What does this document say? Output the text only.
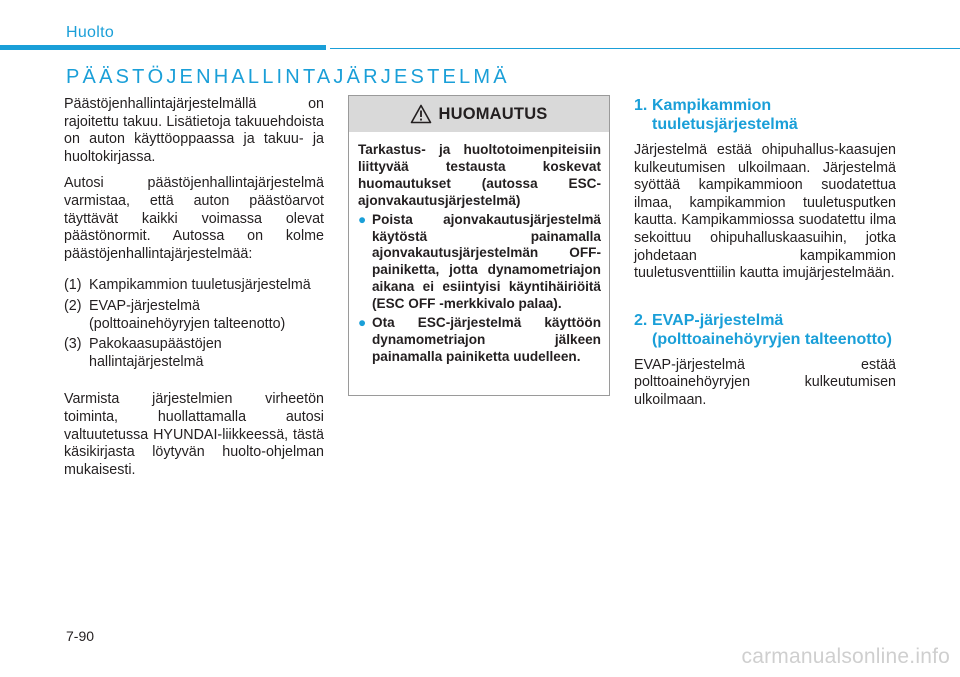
Huolto
PÄÄSTÖJENHALLINTAJÄRJESTELMÄ

Päästöjenhallintajärjestelmällä on rajoitettu takuu. Lisätietoja takuuehdoista on auton käyttöoppaassa ja takuu- ja huoltokirjassa.

Autosi päästöjenhallintajärjestelmä varmistaa, että auton päästöarvot täyttävät kaikki voimassa olevat päästönormit. Autossa on kolme päästöjenhallintajärjestelmää:

(1) Kampikammion tuuletusjärjestelmä
(2) EVAP-järjestelmä (polttoainehöyryjen talteenotto)
(3) Pakokaasupäästöjen hallintajärjestelmä

Varmista järjestelmien virheetön toiminta, huollattamalla autosi valtuutetussa HYUNDAI-liikkeessä, tästä käsikirjasta löytyvän huolto-ohjelman mukaisesti.

HUOMAUTUS

Tarkastus- ja huoltotoimenpiteisiin liittyvää testausta koskevat huomautukset (autossa ESC-ajonvakautusjärjestelmä)

● Poista ajonvakautusjärjestelmä käytöstä painamalla ajonvakautusjärjestelmän OFF-painiketta, jotta dynamometriajon aikana ei esiintyisi käyntihäiriöitä (ESC OFF -merkkivalo palaa).
● Ota ESC-järjestelmä käyttöön dynamometriajon jälkeen painamalla painiketta uudelleen.
1. Kampikammion tuuletusjärjestelmä

Järjestelmä estää ohipuhallus-kaasujen kulkeutumisen ulkoilmaan. Järjestelmä syöttää kampikammioon suodatettua ilmaa, kampikammion tuuletusputken kautta. Kampikammiossa suodatettu ilma sekoittuu ohipuhalluskaasuihin, jotka johdetaan kampikammion tuuletusventtiilin kautta imujärjestelmään.

2. EVAP-järjestelmä (polttoainehöyryjen talteenotto)

EVAP-järjestelmä estää polttoainehöyryjen kulkeutumisen ulkoilmaan.

7-90
carmanualsonline.info
